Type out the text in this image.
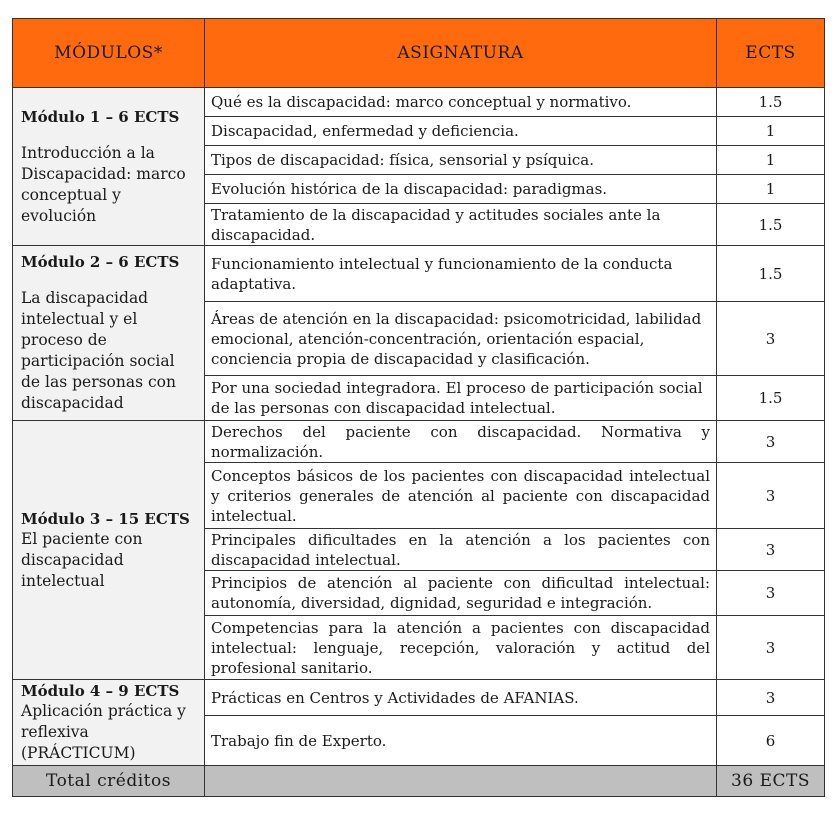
MÓDULOS*	ASIGNATURA	ECTS

Módulo 1 – 6 ECTS
Introducción a la Discapacidad: marco conceptual y evolución	Qué es la discapacidad: marco conceptual y normativo.	1.5
	Discapacidad, enfermedad y deficiencia.	1
	Tipos de discapacidad: física, sensorial y psíquica.	1
	Evolución histórica de la discapacidad: paradigmas.	1
	Tratamiento de la discapacidad y actitudes sociales ante la discapacidad.	1.5

Módulo 2 – 6 ECTS
La discapacidad intelectual y el proceso de participación social de las personas con discapacidad	Funcionamiento intelectual y funcionamiento de la conducta adaptativa.	1.5
	Áreas de atención en la discapacidad: psicomotricidad, labilidad emocional, atención-concentración, orientación espacial, conciencia propia de discapacidad y clasificación.	3
	Por una sociedad integradora. El proceso de participación social de las personas con discapacidad intelectual.	1.5

Módulo 3 – 15 ECTS
El paciente con discapacidad intelectual	Derechos del paciente con discapacidad. Normativa y normalización.	3
	Conceptos básicos de los pacientes con discapacidad intelectual y criterios generales de atención al paciente con discapacidad intelectual.	3
	Principales dificultades en la atención a los pacientes con discapacidad intelectual.	3
	Principios de atención al paciente con dificultad intelectual: autonomía, diversidad, dignidad, seguridad e integración.	3
	Competencias para la atención a pacientes con discapacidad intelectual: lenguaje, recepción, valoración y actitud del profesional sanitario.	3

Módulo 4 – 9 ECTS
Aplicación práctica y reflexiva (PRÁCTICUM)	Prácticas en Centros y Actividades de AFANIAS.	3
	Trabajo fin de Experto.	6
Total créditos		36 ECTS
